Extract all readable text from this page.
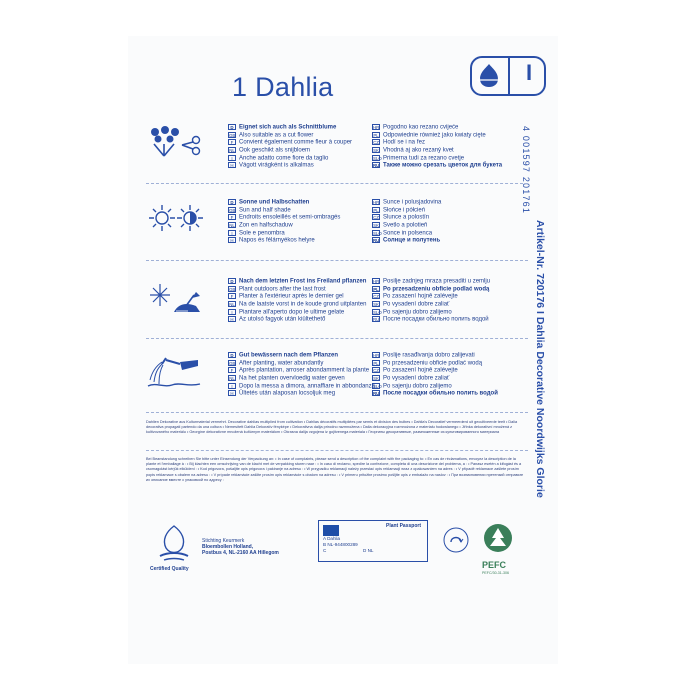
1 Dahlia	I
4 001597 201761
Artikel-Nr. 720176 I Dahlia Decorative Noordwijks Glorie
D Eignet sich auch als Schnittblume
GB Also suitable as a cut flower
F Convient également comme fleur à couper
NL Ook geschikt als snijbloem
I Anche adatto come fiore da taglio
H Vágott virágként is alkalmas
HR Pogodno kao rezano cvijeće
PL Odpowiednie również jako kwiaty cięte
CZ Hodí se i na řez
SK Vhodná aj ako rezaný kvet
SLOPrimerna tudi za rezano cvetje
RU Также можно срезать цветок для букета
D Sonne und Halbschatten
GB Sun and half shade
F Endroits ensoleillés et semi-ombragés
NL Zon en halfschaduw
I Sole e penombra
H Napos és félárnyékos helyre
HR Sunce i polusjadovina
PL Słońce i półcień
CZ Slunce a polostín
SK Svetlo a polotieň
SLOSonce in polsenca
RU Солнце и полутень
D Nach dem letzten Frost ins Freiland pflanzen
GB Plant outdoors after the last frost
F Planter à l'extérieur après le dernier gel
NL Na de laatste vorst in de koude grond uitplanten
I Piantare all'aperto dopo le ultime gelate
H Az utolsó fagyok után kiültethető
HR Posilje zadnjeg mraza presaditi u zemlju
PL Po przesadzeniu obficie podlać wodą
CZ Po zasazení hojně zalévejte
SK Po vysadení dobre zaliať
SLOPo sajenju dobro zalijemo
RU После посадки обильно полить водой
D Gut bewässern nach dem Pflanzen
GB After planting, water abundantly
F Après plantation, arroser abondamment la plante
NL Na het planten overvloedig water geven
I Dopo la messa a dimora, annaffiare in abbondanza
H Ültetés után alaposan locsoljuk meg
HR Poslije rasađivanja dobro zalijevati
PL Po przesadzeniu obficie podlać wodą
CZ Po zasazení hojně zalévejte
SK Po vysadení dobre zaliať
SLOPo sajenju dobro zalijemo
RU После посадки обильно полить водой
Dahlien Dekorative aus Kulturmaterial vermehrt. Decorative dahlias multiplied from cultivation • Dahlias décoratifs multipliées par semis et division des bulbes • Dahlia's Decoratief vermeerderd uit gecultiveerde teelt • Dalia decorativa propagati partendo da una coltura • Nemesített Dahlia Dekoratív fényképe • Dekorativna dalija prirodno razmnožena • Dalia dekoracyjna rozmnożona z materiału hodowlanego • Jiřinka dekorativní množená z kultivovaného materiálu • Georgíne dekoratívne množená kultúrnym materiálom • Okrasna dalija vzgojena iz gojitvenega materiala • Георгины декоративные, размноженные из культивированного материала
Bei Beanstandung schreiben Sie bitte unter Einsendung der Verpackung an: • In case of complaints, please send a description of the complaint with the packaging to: • En cas de réclamations, envoyez la description de la plante et l'emballage à : • Bij klachten een omschrijving van de klacht met de verpakking sturen naar : • In caso di reclamo, spedire la confezione, completa di una descrizione del problema, a : • Panasz esetén a kifogást és a csomagolást kérjük elküldeni : • Kod prigovora, pošaljite opis prigovora i pakiranje na adresu : • W przypadku reklamacji należy przesłać opis reklamacji wraz z opakowaniem na adres : • V případě reklamace zašlete prosím popis reklamace s obalem na adresu : • V prípade reklamácie zašlite prosím opis reklamácie s obalom na adresu : • V primeru pritožbe prosimo pošljite opis z embalažo na naslov : • При возникновении претензий отправьте их описание вместе с упаковкой по адресу :
Certified Quality
Stichting Keurmerk
Bloembollen Holland,
Postbus 4, NL-2160 AA Hillegom
Plant Passport
A Dahlia
B NL-944800289
C	D NL
PEFC
PEFC/30-31-306
